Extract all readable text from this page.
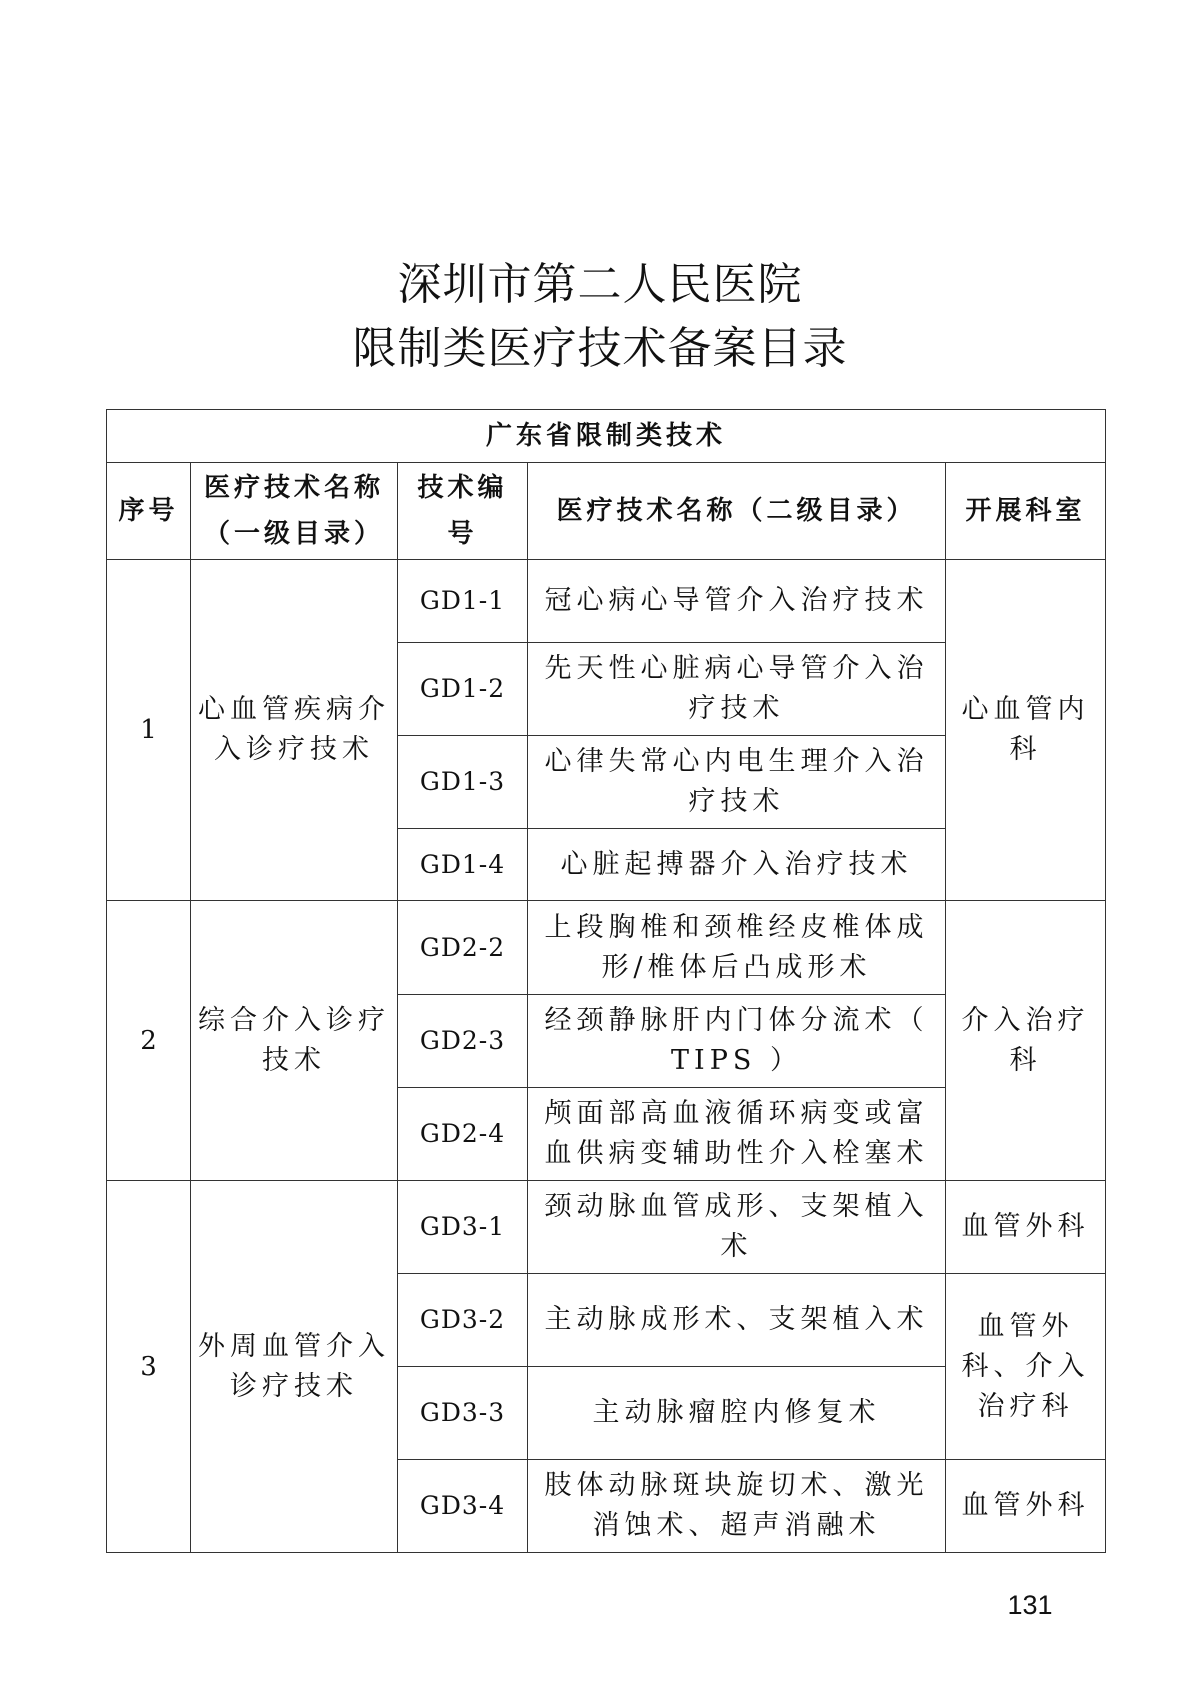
深圳市第二人民医院
限制类医疗技术备案目录
广东省限制类技术				
序号	医疗技术名称（一级目录）	技术编号	医疗技术名称（二级目录）	开展科室
1	心血管疾病介入诊疗技术	GD1-1	冠心病心导管介入治疗技术	心血管内科
		GD1-2	先天性心脏病心导管介入治疗技术	
		GD1-3	心律失常心内电生理介入治疗技术	
		GD1-4	心脏起搏器介入治疗技术	
2	综合介入诊疗技术	GD2-2	上段胸椎和颈椎经皮椎体成形/椎体后凸成形术	介入治疗科
		GD2-3	经颈静脉肝内门体分流术（ TIPS ）	
		GD2-4	颅面部高血液循环病变或富血供病变辅助性介入栓塞术	
3	外周血管介入诊疗技术	GD3-1	颈动脉血管成形、支架植入术	血管外科
		GD3-2	主动脉成形术、支架植入术	血管外科、介入治疗科
		GD3-3	主动脉瘤腔内修复术	
		GD3-4	肢体动脉斑块旋切术、激光消蚀术、超声消融术	血管外科
131
